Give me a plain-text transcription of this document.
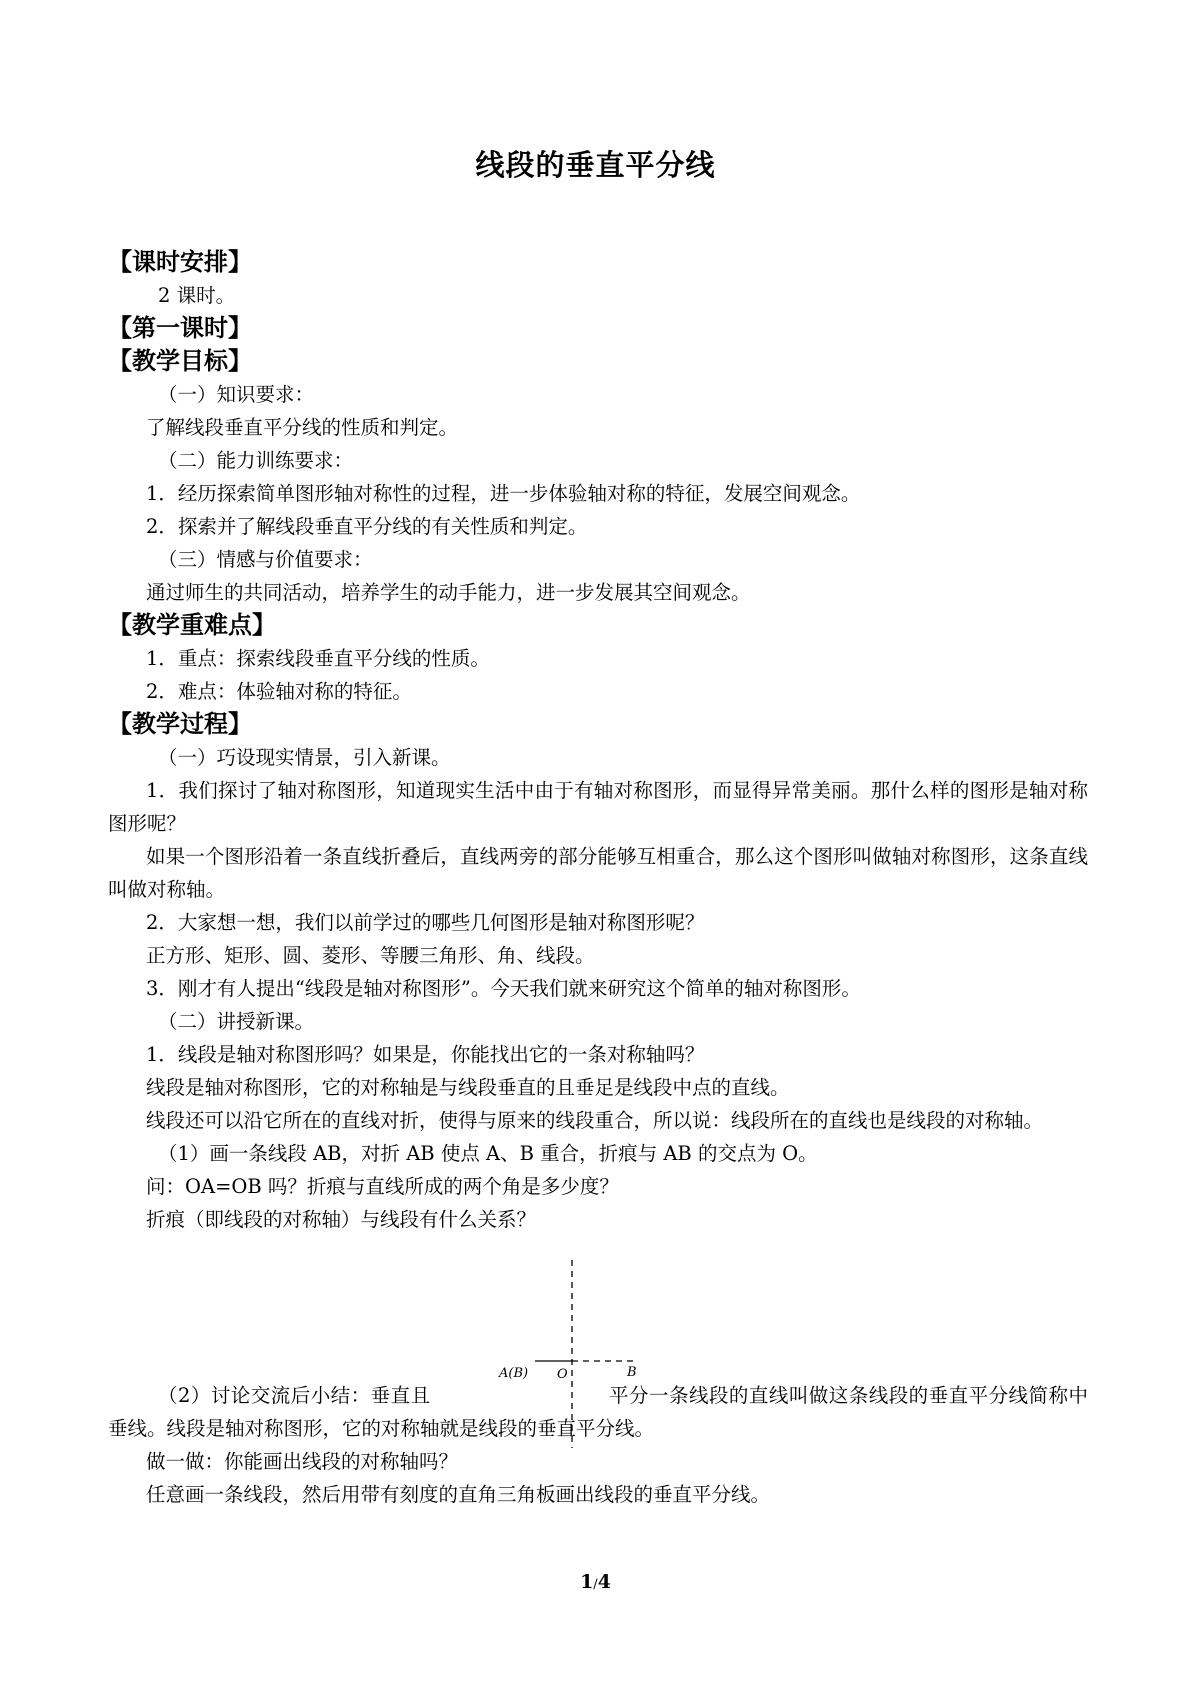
线段的垂直平分线
【课时安排】
2 课时。
【第一课时】
【教学目标】
（一）知识要求：
了解线段垂直平分线的性质和判定。
（二）能力训练要求：
1．经历探索简单图形轴对称性的过程，进一步体验轴对称的特征，发展空间观念。
2．探索并了解线段垂直平分线的有关性质和判定。
（三）情感与价值要求：
通过师生的共同活动，培养学生的动手能力，进一步发展其空间观念。
【教学重难点】
1．重点：探索线段垂直平分线的性质。
2．难点：体验轴对称的特征。
【教学过程】
（一）巧设现实情景，引入新课。
1．我们探讨了轴对称图形，知道现实生活中由于有轴对称图形，而显得异常美丽。那什么样的图形是轴对称图形呢？
如果一个图形沿着一条直线折叠后，直线两旁的部分能够互相重合，那么这个图形叫做轴对称图形，这条直线叫做对称轴。
2．大家想一想，我们以前学过的哪些几何图形是轴对称图形呢？
正方形、矩形、圆、菱形、等腰三角形、角、线段。
3．刚才有人提出“线段是轴对称图形”。今天我们就来研究这个简单的轴对称图形。
（二）讲授新课。
1．线段是轴对称图形吗？如果是，你能找出它的一条对称轴吗？
线段是轴对称图形，它的对称轴是与线段垂直的且垂足是线段中点的直线。
线段还可以沿它所在的直线对折，使得与原来的线段重合，所以说：线段所在的直线也是线段的对称轴。
（1）画一条线段 AB，对折 AB 使点 A、B 重合，折痕与 AB 的交点为 O。
问：OA=OB 吗？折痕与直线所成的两个角是多少度？
折痕（即线段的对称轴）与线段有什么关系？
A(B) O	B
（2）讨论交流后小结：垂直且	平分一条线段的直线叫做这条线段的垂直平分线简称中垂线。线段是轴对称图形，它的对称轴就是线段的垂直平分线。
做一做：你能画出线段的对称轴吗？
任意画一条线段，然后用带有刻度的直角三角板画出线段的垂直平分线。
1/4
